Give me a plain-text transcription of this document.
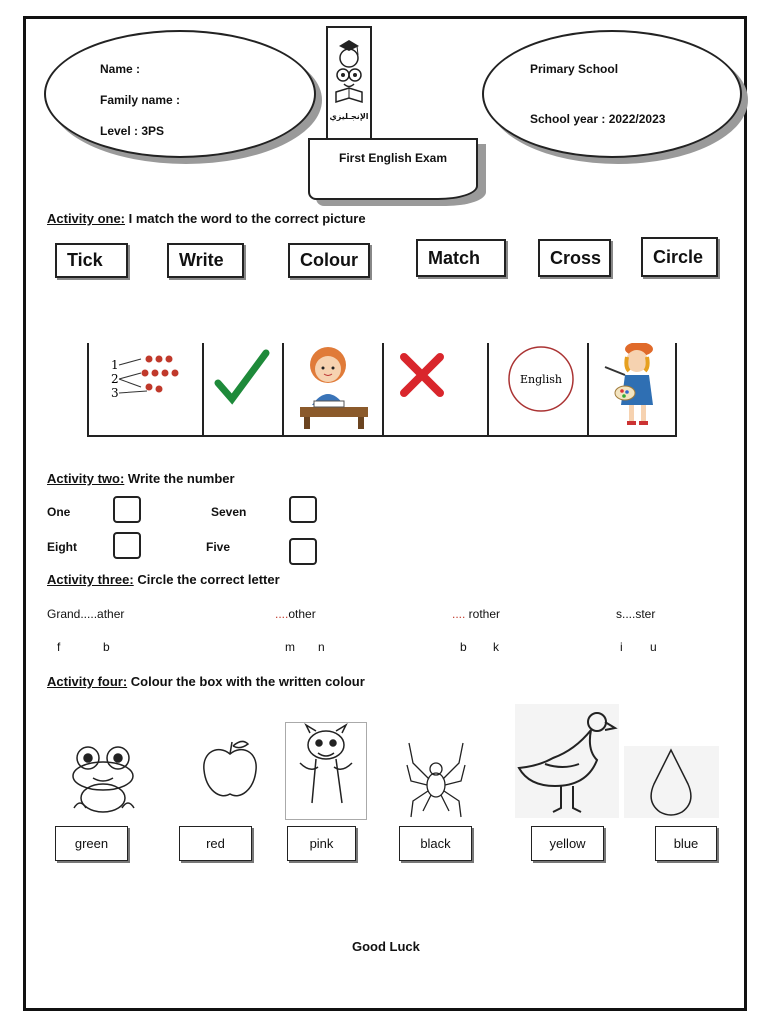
Name :
Family name :
Level : 3PS
الإنجـليزي
First English Exam
Primary School
School year : 2022/2023
Activity one: I match the word to the correct picture
Tick	Write	Colour	Match	Cross	Circle
1
2
3
English
Activity two: Write the number
One	Seven
Eight	Five
Activity three: Circle the correct letter
Grand.....ather
f	b
....other
m n
.... rother
b k
s....ster
i u
Activity four: Colour the box with the written colour
green	red	pink	black	yellow	blue
Good Luck
